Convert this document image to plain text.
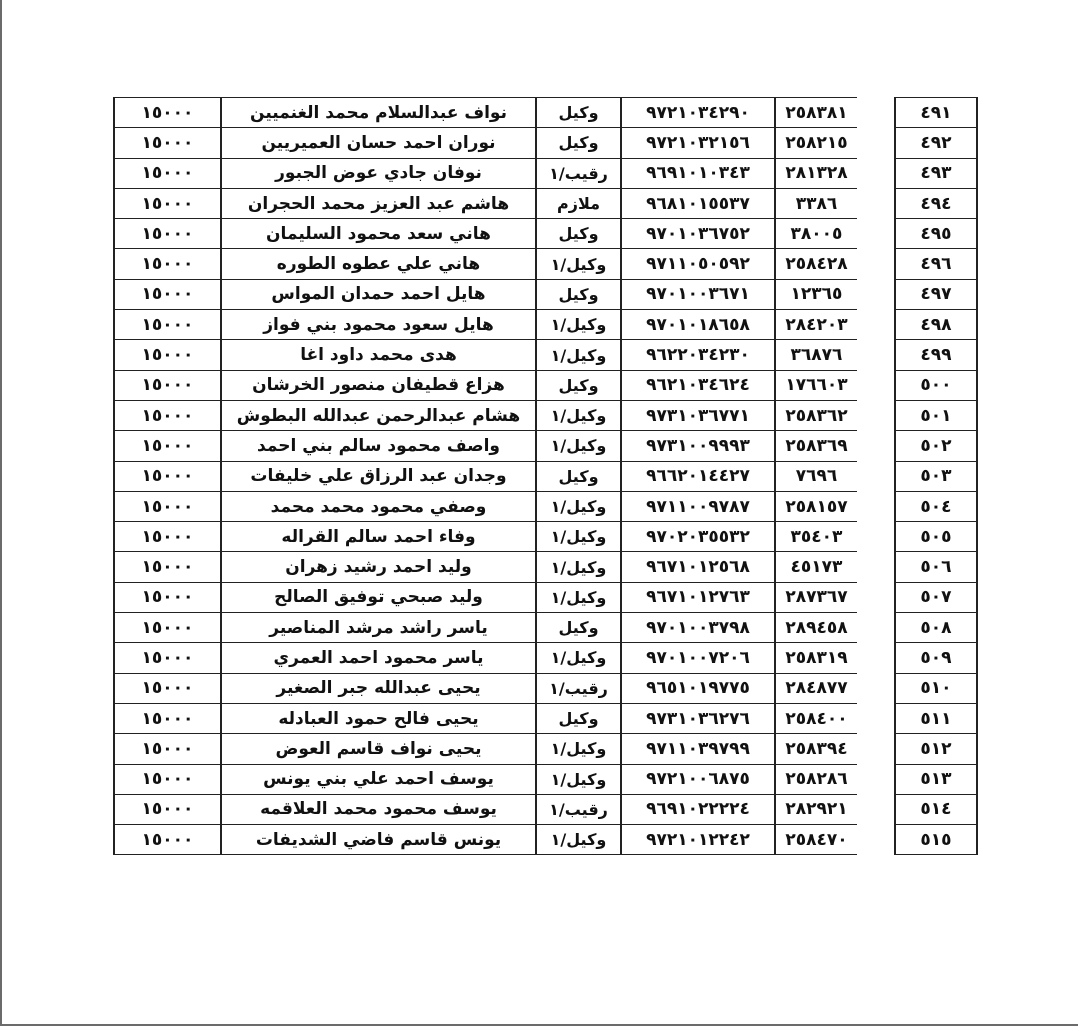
٤٩١		٢٥٨٣٨١	٩٧٢١٠٣٤٢٩٠	وكيل	نواف عبدالسلام محمد الغنميين	١٥٠٠٠
٤٩٢		٢٥٨٢١٥	٩٧٢١٠٣٢١٥٦	وكيل	نوران احمد حسان العميريين	١٥٠٠٠
٤٩٣		٢٨١٣٢٨	٩٦٩١٠١٠٣٤٣	رقيب/١	نوفان جادي عوض الجبور	١٥٠٠٠
٤٩٤		٣٣٨٦	٩٦٨١٠١٥٥٣٧	ملازم	هاشم عبد العزيز محمد الحجران	١٥٠٠٠
٤٩٥		٣٨٠٠٥	٩٧٠١٠٣٦٧٥٢	وكيل	هاني سعد محمود السليمان	١٥٠٠٠
٤٩٦		٢٥٨٤٢٨	٩٧١١٠٥٠٥٩٢	وكيل/١	هاني علي عطوه الطوره	١٥٠٠٠
٤٩٧		١٢٣٦٥	٩٧٠١٠٠٣٦٧١	وكيل	هايل احمد حمدان المواس	١٥٠٠٠
٤٩٨		٢٨٤٢٠٣	٩٧٠١٠١٨٦٥٨	وكيل/١	هايل سعود محمود بني فواز	١٥٠٠٠
٤٩٩		٣٦٨٧٦	٩٦٢٢٠٣٤٢٣٠	وكيل/١	هدى محمد داود اغا	١٥٠٠٠
٥٠٠		١٧٦٦٠٣	٩٦٢١٠٣٤٦٢٤	وكيل	هزاع قطيفان منصور الخرشان	١٥٠٠٠
٥٠١		٢٥٨٣٦٢	٩٧٣١٠٣٦٧٧١	وكيل/١	هشام عبدالرحمن عبدالله البطوش	١٥٠٠٠
٥٠٢		٢٥٨٣٦٩	٩٧٣١٠٠٩٩٩٣	وكيل/١	واصف محمود سالم بني احمد	١٥٠٠٠
٥٠٣		٧٦٩٦	٩٦٦٢٠١٤٤٢٧	وكيل	وجدان عبد الرزاق علي خليفات	١٥٠٠٠
٥٠٤		٢٥٨١٥٧	٩٧١١٠٠٩٧٨٧	وكيل/١	وصفي محمود محمد محمد	١٥٠٠٠
٥٠٥		٣٥٤٠٣	٩٧٠٢٠٣٥٥٣٢	وكيل/١	وفاء احمد سالم القراله	١٥٠٠٠
٥٠٦		٤٥١٧٣	٩٦٧١٠١٢٥٦٨	وكيل/١	وليد احمد رشيد زهران	١٥٠٠٠
٥٠٧		٢٨٧٣٦٧	٩٦٧١٠١٢٧٦٣	وكيل/١	وليد صبحي توفيق الصالح	١٥٠٠٠
٥٠٨		٢٨٩٤٥٨	٩٧٠١٠٠٣٧٩٨	وكيل	ياسر راشد مرشد المناصير	١٥٠٠٠
٥٠٩		٢٥٨٣١٩	٩٧٠١٠٠٧٢٠٦	وكيل/١	ياسر محمود احمد العمري	١٥٠٠٠
٥١٠		٢٨٤٨٧٧	٩٦٥١٠١٩٧٧٥	رقيب/١	يحيى عبدالله جبر الصغير	١٥٠٠٠
٥١١		٢٥٨٤٠٠	٩٧٣١٠٣٦٢٧٦	وكيل	يحيى فالح حمود العبادله	١٥٠٠٠
٥١٢		٢٥٨٣٩٤	٩٧١١٠٣٩٧٩٩	وكيل/١	يحيى نواف قاسم العوض	١٥٠٠٠
٥١٣		٢٥٨٢٨٦	٩٧٢١٠٠٦٨٧٥	وكيل/١	يوسف احمد علي بني يونس	١٥٠٠٠
٥١٤		٢٨٢٩٢١	٩٦٩١٠٢٢٢٢٤	رقيب/١	يوسف محمود محمد العلاقمه	١٥٠٠٠
٥١٥		٢٥٨٤٧٠	٩٧٢١٠١٢٢٤٢	وكيل/١	يونس قاسم فاضي الشديفات	١٥٠٠٠
